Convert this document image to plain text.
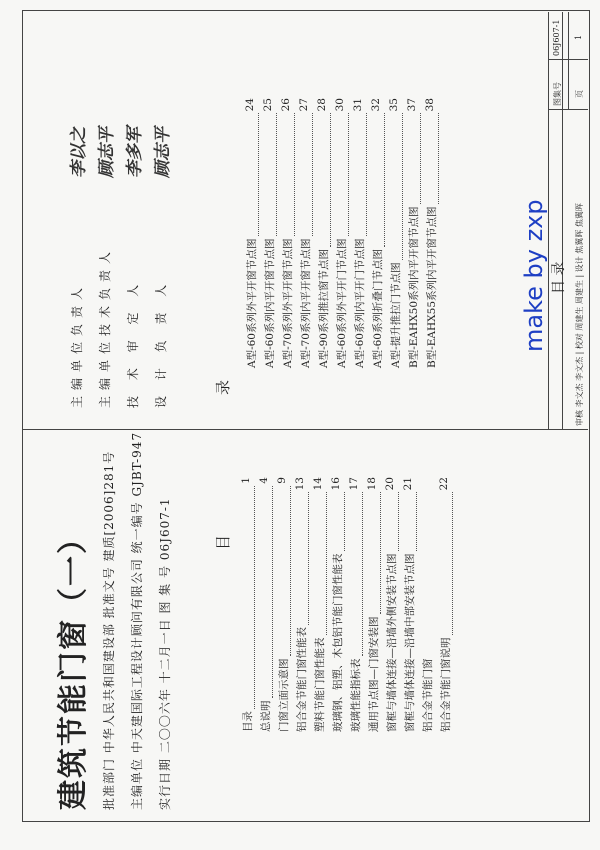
建筑节能门窗（一） 批准部门 中华人民共和国建设部 批准文号 建质[2006]281号 主编单位 中天建国际工程设计顾问有限公司 统一编号 GJBT-947 实行日期 二〇〇六年 十二月一日 图 集 号 06J607-1	目
录
目录
1
总说明
4
门窗立面示意图
9
铝合金节能门窗性能表
13
塑料节能门窗性能表
14
玻璃钢、铝塑、木包铝节能门窗性能表
16
玻璃性能指标表
17
通用节点图—门窗安装图
18
窗框与墙体连接—沿墙外侧安装节点图
20
窗框与墙体连接—沿墙中部安装节点图
21
铝合金节能门窗 铝合金节能门窗说明
22
A型-60系列外平开窗节点图
24
A型-60系列内平开窗节点图
25
A型-70系列外平开窗节点图
26
A型-70系列内平开窗节点图
27
A型-90系列推拉窗节点图
28
A型-60系列外平开门节点图
30
A型-60系列内平开门节点图
31
A型-60系列折叠门节点图
32
A型-提升推拉门节点图
35
B型-EAHX50系列内平开窗节点图
37
B型-EAHX55系列内平开窗节点图
38
主编单位负责人
李以之
主编单位技术负责人
顾志平
技 术 审 定 人
李多军
设 计 负 责 人
顾志平
目 录 审核 李文杰 李文杰 | 校对 周建生 周建生 | 设计 焦翼晖 焦翼晖
图集号
06J607-1
页
1
make by zxp
